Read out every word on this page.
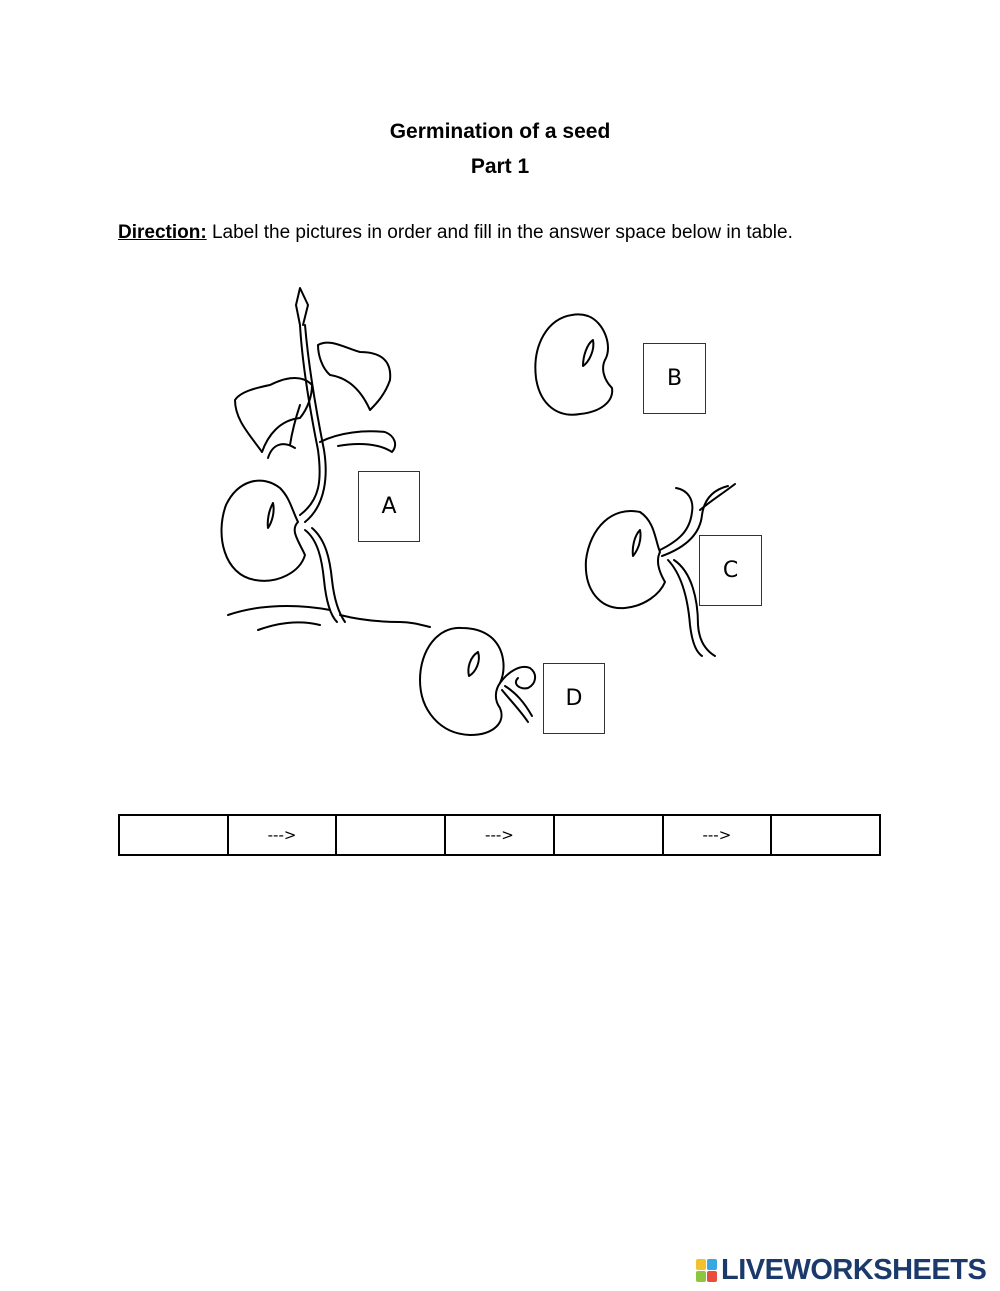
Germination of a seed
Part 1
Direction: Label the pictures in order and fill in the answer space below in table.
A
B
C
D
	--->		--->		--->	
LIVEWORKSHEETS
